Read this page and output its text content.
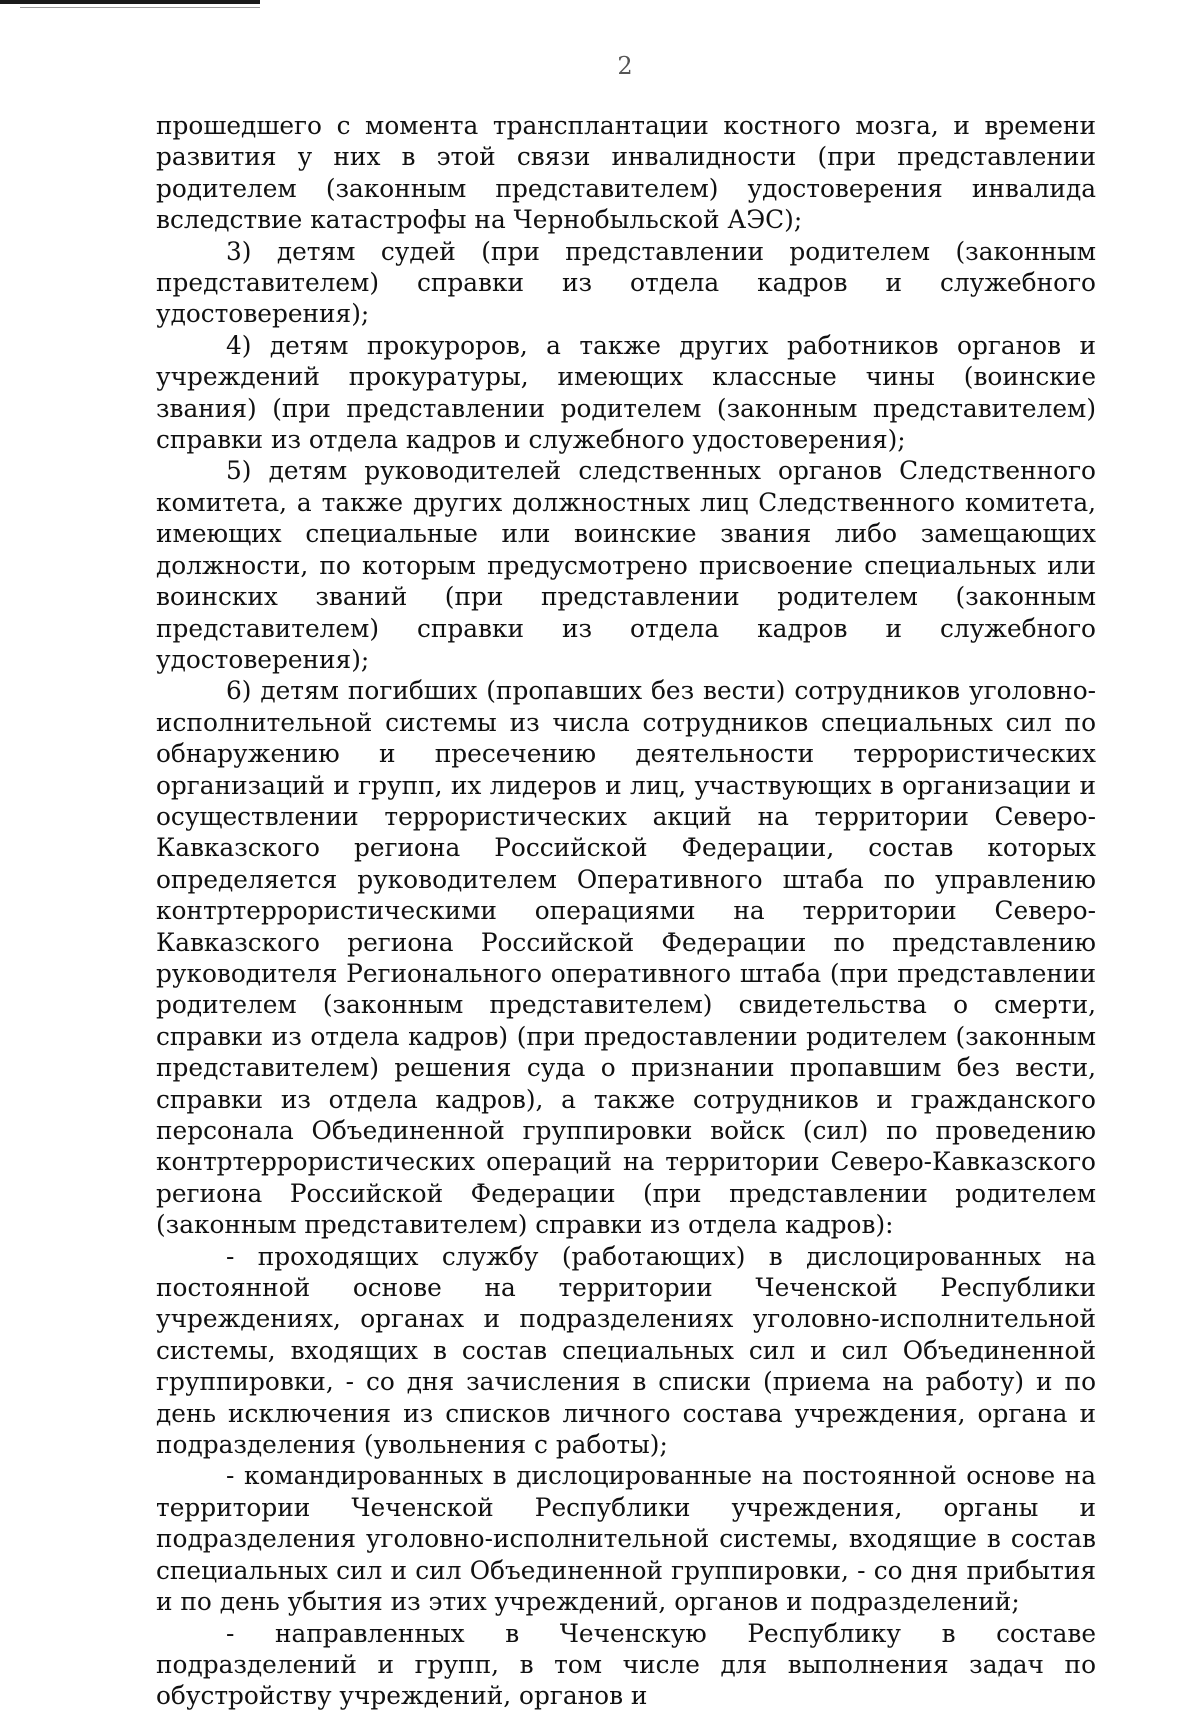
2

прошедшего с момента трансплантации костного мозга, и времени развития у них в этой связи инвалидности (при представлении родителем (законным представителем) удостоверения инвалида вследствие катастрофы на Чернобыльской АЭС);

3) детям судей (при представлении родителем (законным представителем) справки из отдела кадров и служебного удостоверения);

4) детям прокуроров, а также других работников органов и учреждений прокуратуры, имеющих классные чины (воинские звания) (при представлении родителем (законным представителем) справки из отдела кадров и служебного удостоверения);

5) детям руководителей следственных органов Следственного комитета, а также других должностных лиц Следственного комитета, имеющих специальные или воинские звания либо замещающих должности, по которым предусмотрено присвоение специальных или воинских званий (при представлении родителем (законным представителем) справки из отдела кадров и служебного удостоверения);

6) детям погибших (пропавших без вести) сотрудников уголовно-исполнительной системы из числа сотрудников специальных сил по обнаружению и пресечению деятельности террористических организаций и групп, их лидеров и лиц, участвующих в организации и осуществлении террористических акций на территории Северо-Кавказского региона Российской Федерации, состав которых определяется руководителем Оперативного штаба по управлению контртеррористическими операциями на территории Северо-Кавказского региона Российской Федерации по представлению руководителя Регионального оперативного штаба (при представлении родителем (законным представителем) свидетельства о смерти, справки из отдела кадров) (при предоставлении родителем (законным представителем) решения суда о признании пропавшим без вести, справки из отдела кадров), а также сотрудников и гражданского персонала Объединенной группировки войск (сил) по проведению контртеррористических операций на территории Северо-Кавказского региона Российской Федерации (при представлении родителем (законным представителем) справки из отдела кадров):

- проходящих службу (работающих) в дислоцированных на постоянной основе на территории Чеченской Республики учреждениях, органах и подразделениях уголовно-исполнительной системы, входящих в состав специальных сил и сил Объединенной группировки, - со дня зачисления в списки (приема на работу) и по день исключения из списков личного состава учреждения, органа и подразделения (увольнения с работы);

- командированных в дислоцированные на постоянной основе на территории Чеченской Республики учреждения, органы и подразделения уголовно-исполнительной системы, входящие в состав специальных сил и сил Объединенной группировки, - со дня прибытия и по день убытия из этих учреждений, органов и подразделений;

- направленных в Чеченскую Республику в составе подразделений и групп, в том числе для выполнения задач по обустройству учреждений, органов и
